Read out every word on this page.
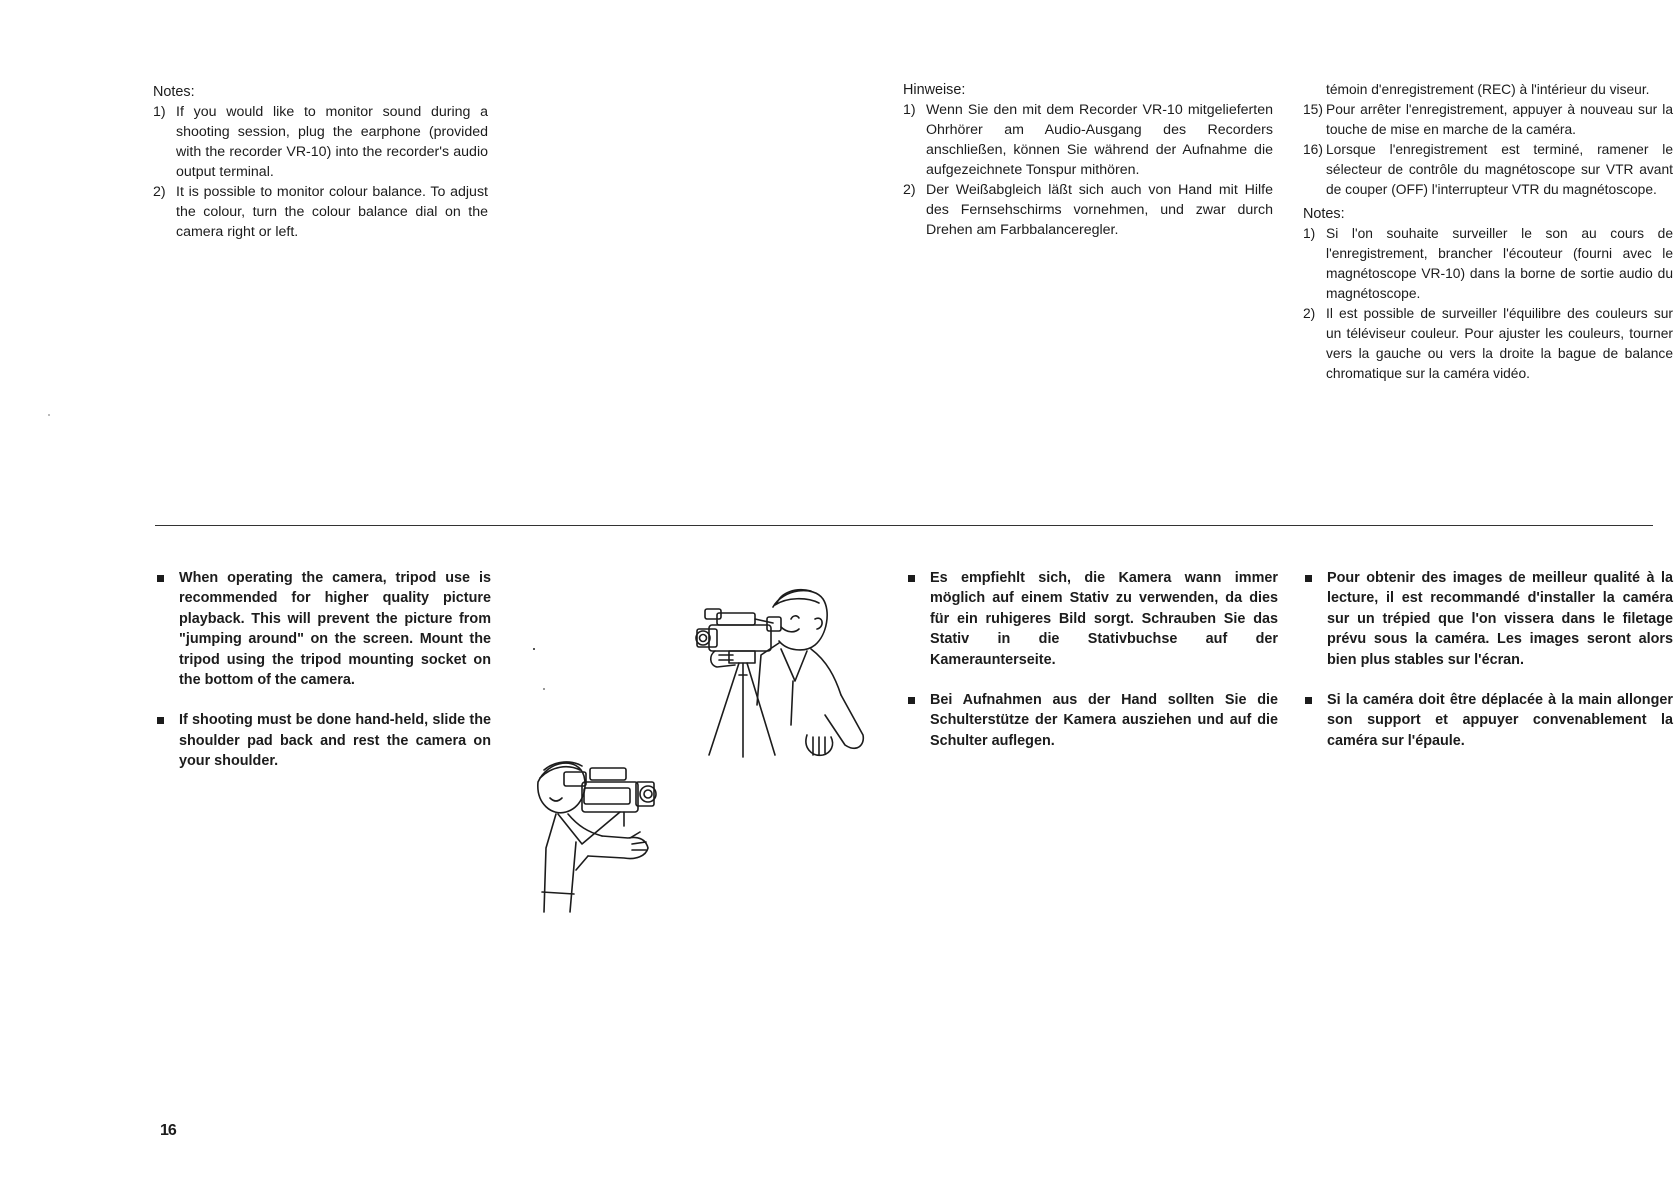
Notes:

1) If you would like to monitor sound during a shooting session, plug the earphone (provided with the recorder VR-10) into the recorder's audio output terminal.

2) It is possible to monitor colour balance. To adjust the colour, turn the colour balance dial on the camera right or left.

Hinweise:

1) Wenn Sie den mit dem Recorder VR-10 mitgelieferten Ohrhörer am Audio-Ausgang des Recorders anschließen, können Sie während der Aufnahme die aufgezeichnete Tonspur mithören.

2) Der Weißabgleich läßt sich auch von Hand mit Hilfe des Fernsehschirms vornehmen, und zwar durch Drehen am Farbbalanceregler.

témoin d'enregistrement (REC) à l'intérieur du viseur.

15) Pour arrêter l'enregistrement, appuyer à nouveau sur la touche de mise en marche de la caméra.

16) Lorsque l'enregistrement est terminé, ramener le sélecteur de contrôle du magnétoscope sur VTR avant de couper (OFF) l'interrupteur VTR du magnétoscope.

Notes:

1) Si l'on souhaite surveiller le son au cours de l'enregistrement, brancher l'écouteur (fourni avec le magnétoscope VR-10) dans la borne de sortie audio du magnétoscope.

2) Il est possible de surveiller l'équilibre des couleurs sur un téléviseur couleur. Pour ajuster les couleurs, tourner vers la gauche ou vers la droite la bague de balance chromatique sur la caméra vidéo.

When operating the camera, tripod use is recommended for higher quality picture playback. This will prevent the picture from "jumping around" on the screen. Mount the tripod using the tripod mounting socket on the bottom of the camera.

If shooting must be done hand-held, slide the shoulder pad back and rest the camera on your shoulder.

Es empfiehlt sich, die Kamera wann immer möglich auf einem Stativ zu verwenden, da dies für ein ruhigeres Bild sorgt. Schrauben Sie das Stativ in die Stativbuchse auf der Kameraunterseite.

Bei Aufnahmen aus der Hand sollten Sie die Schulterstütze der Kamera ausziehen und auf die Schulter auflegen.

Pour obtenir des images de meilleur qualité à la lecture, il est recommandé d'installer la caméra sur un trépied que l'on vissera dans le filetage prévu sous la caméra. Les images seront alors bien plus stables sur l'écran.

Si la caméra doit être déplacée à la main allonger son support et appuyer convenablement la caméra sur l'épaule.

16
